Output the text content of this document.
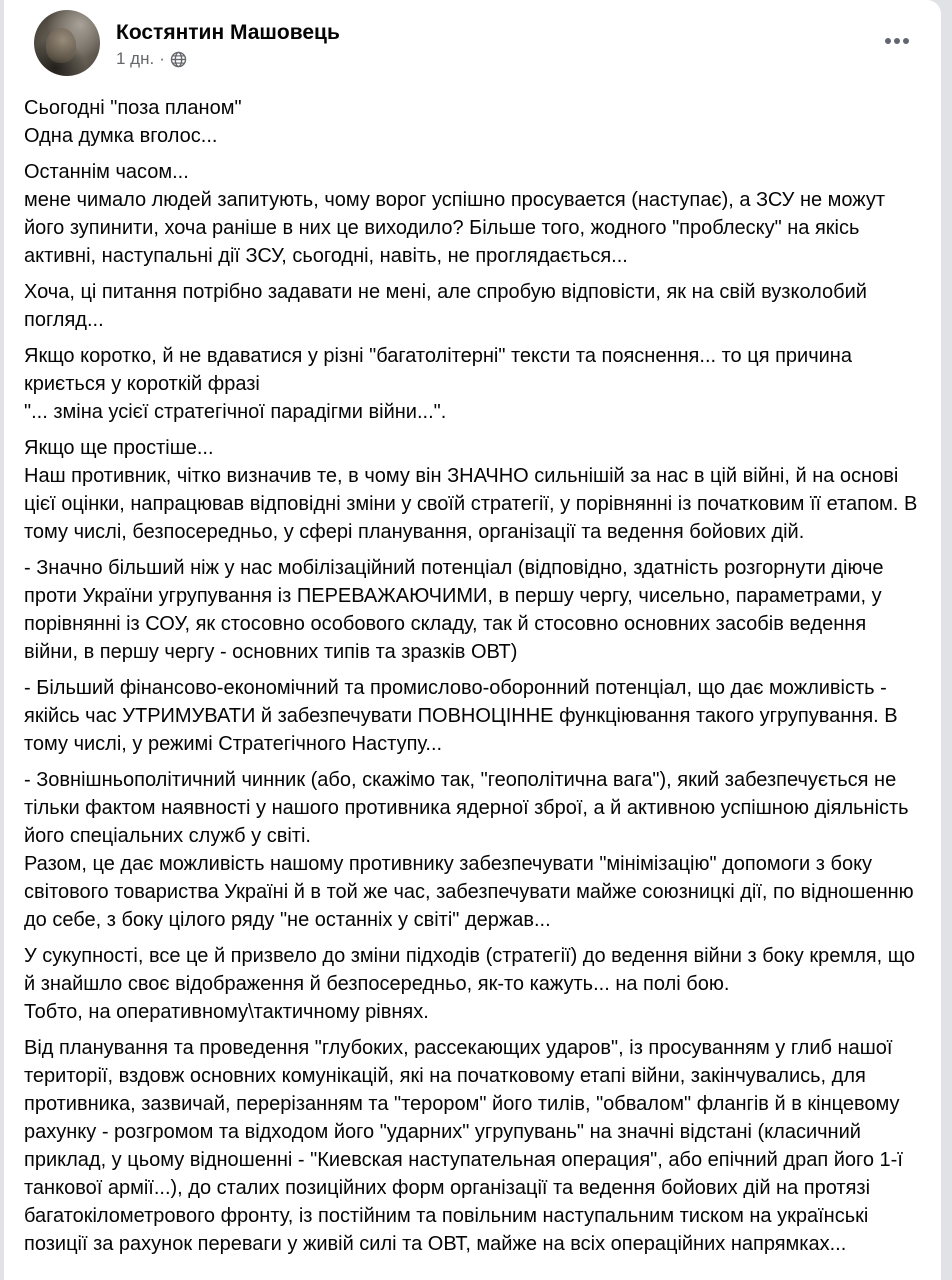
Костянтин Машовець
1 дн. ·

Сьогодні "поза планом"
Одна думка вголос...

Останнім часом...
мене чимало людей запитують, чому ворог успішно просувается (наступає), а ЗСУ не можут його зупинити, хоча раніше в них це виходило? Більше того, жодного "проблеску" на якісь активні, наступальні дії ЗСУ, сьогодні, навіть, не проглядається...

Хоча, ці питання потрібно задавати не мені, але спробую відповісти, як на свій вузколобий погляд...

Якщо коротко, й не вдаватися у різні "багатолітерні" тексти та пояснення... то ця причина криється у короткій фразі
"... зміна усієї стратегічної парадігми війни...".

Якщо ще простіше...
Наш противник, чітко визначив те, в чому він ЗНАЧНО сильнішій за нас в цій війні, й на основі цієї оцінки, напрацював відповідні зміни у своїй стратегії, у порівнянні із початковим її етапом. В тому числі, безпосередньо, у сфері планування, організації та ведення бойових дій.

- Значно більший ніж у нас мобілізаційний потенціал (відповідно, здатність розгорнути діюче проти України угрупування із ПЕРЕВАЖАЮЧИМИ, в першу чергу, чисельно, параметрами, у порівнянні із СОУ, як стосовно особового складу, так й стосовно основних засобів ведення війни, в першу чергу - основних типів та зразків ОВТ)

- Більший фінансово-економічний та промислово-оборонний потенціал, що дає можливість - якійсь час УТРИМУВАТИ й забезпечувати ПОВНОЦІННЕ функціювання такого угрупування. В тому числі, у режимі Стратегічного Наступу...

- Зовнішньополітичний чинник (або, скажімо так, "геополітична вага"), який забезпечується не тільки фактом наявності у нашого противника ядерної зброї, а й активною успішною діяльність його спеціальних служб у світі.
Разом, це дає можливість нашому противнику забезпечувати "мінімізацію" допомоги з боку світового товариства Україні й в той же час, забезпечувати майже союзницкі дії, по відношенню до себе, з боку цілого ряду "не останніх у світі" держав...

У сукупності, все це й призвело до зміни підходів (стратегії) до ведення війни з боку кремля, що й знайшло своє відображення й безпосередньо, як-то кажуть... на полі бою.
Тобто, на оперативному\тактичному рівнях.

Від планування та проведення "глубоких, рассекающих ударов", із просуванням у глиб нашої території, вздовж основних комунікацій, які на початковому етапі війни, закінчувались, для противника, зазвичай, перерізанням та "терором" його тилів, "обвалом" флангів й в кінцевому рахунку - розгромом та відходом його "ударних" угрупувань" на значні відстані (класичний приклад, у цьому відношенні - "Киевская наступательная операция", або епічний драп його 1-ї танкової армії...), до сталих позиційних форм організації та ведення бойових дій на протязі багатокілометрового фронту, із постійним та повільним наступальним тиском на українські позиції за рахунок переваги у живій силі та ОВТ, майже на всіх операційних напрямках...
